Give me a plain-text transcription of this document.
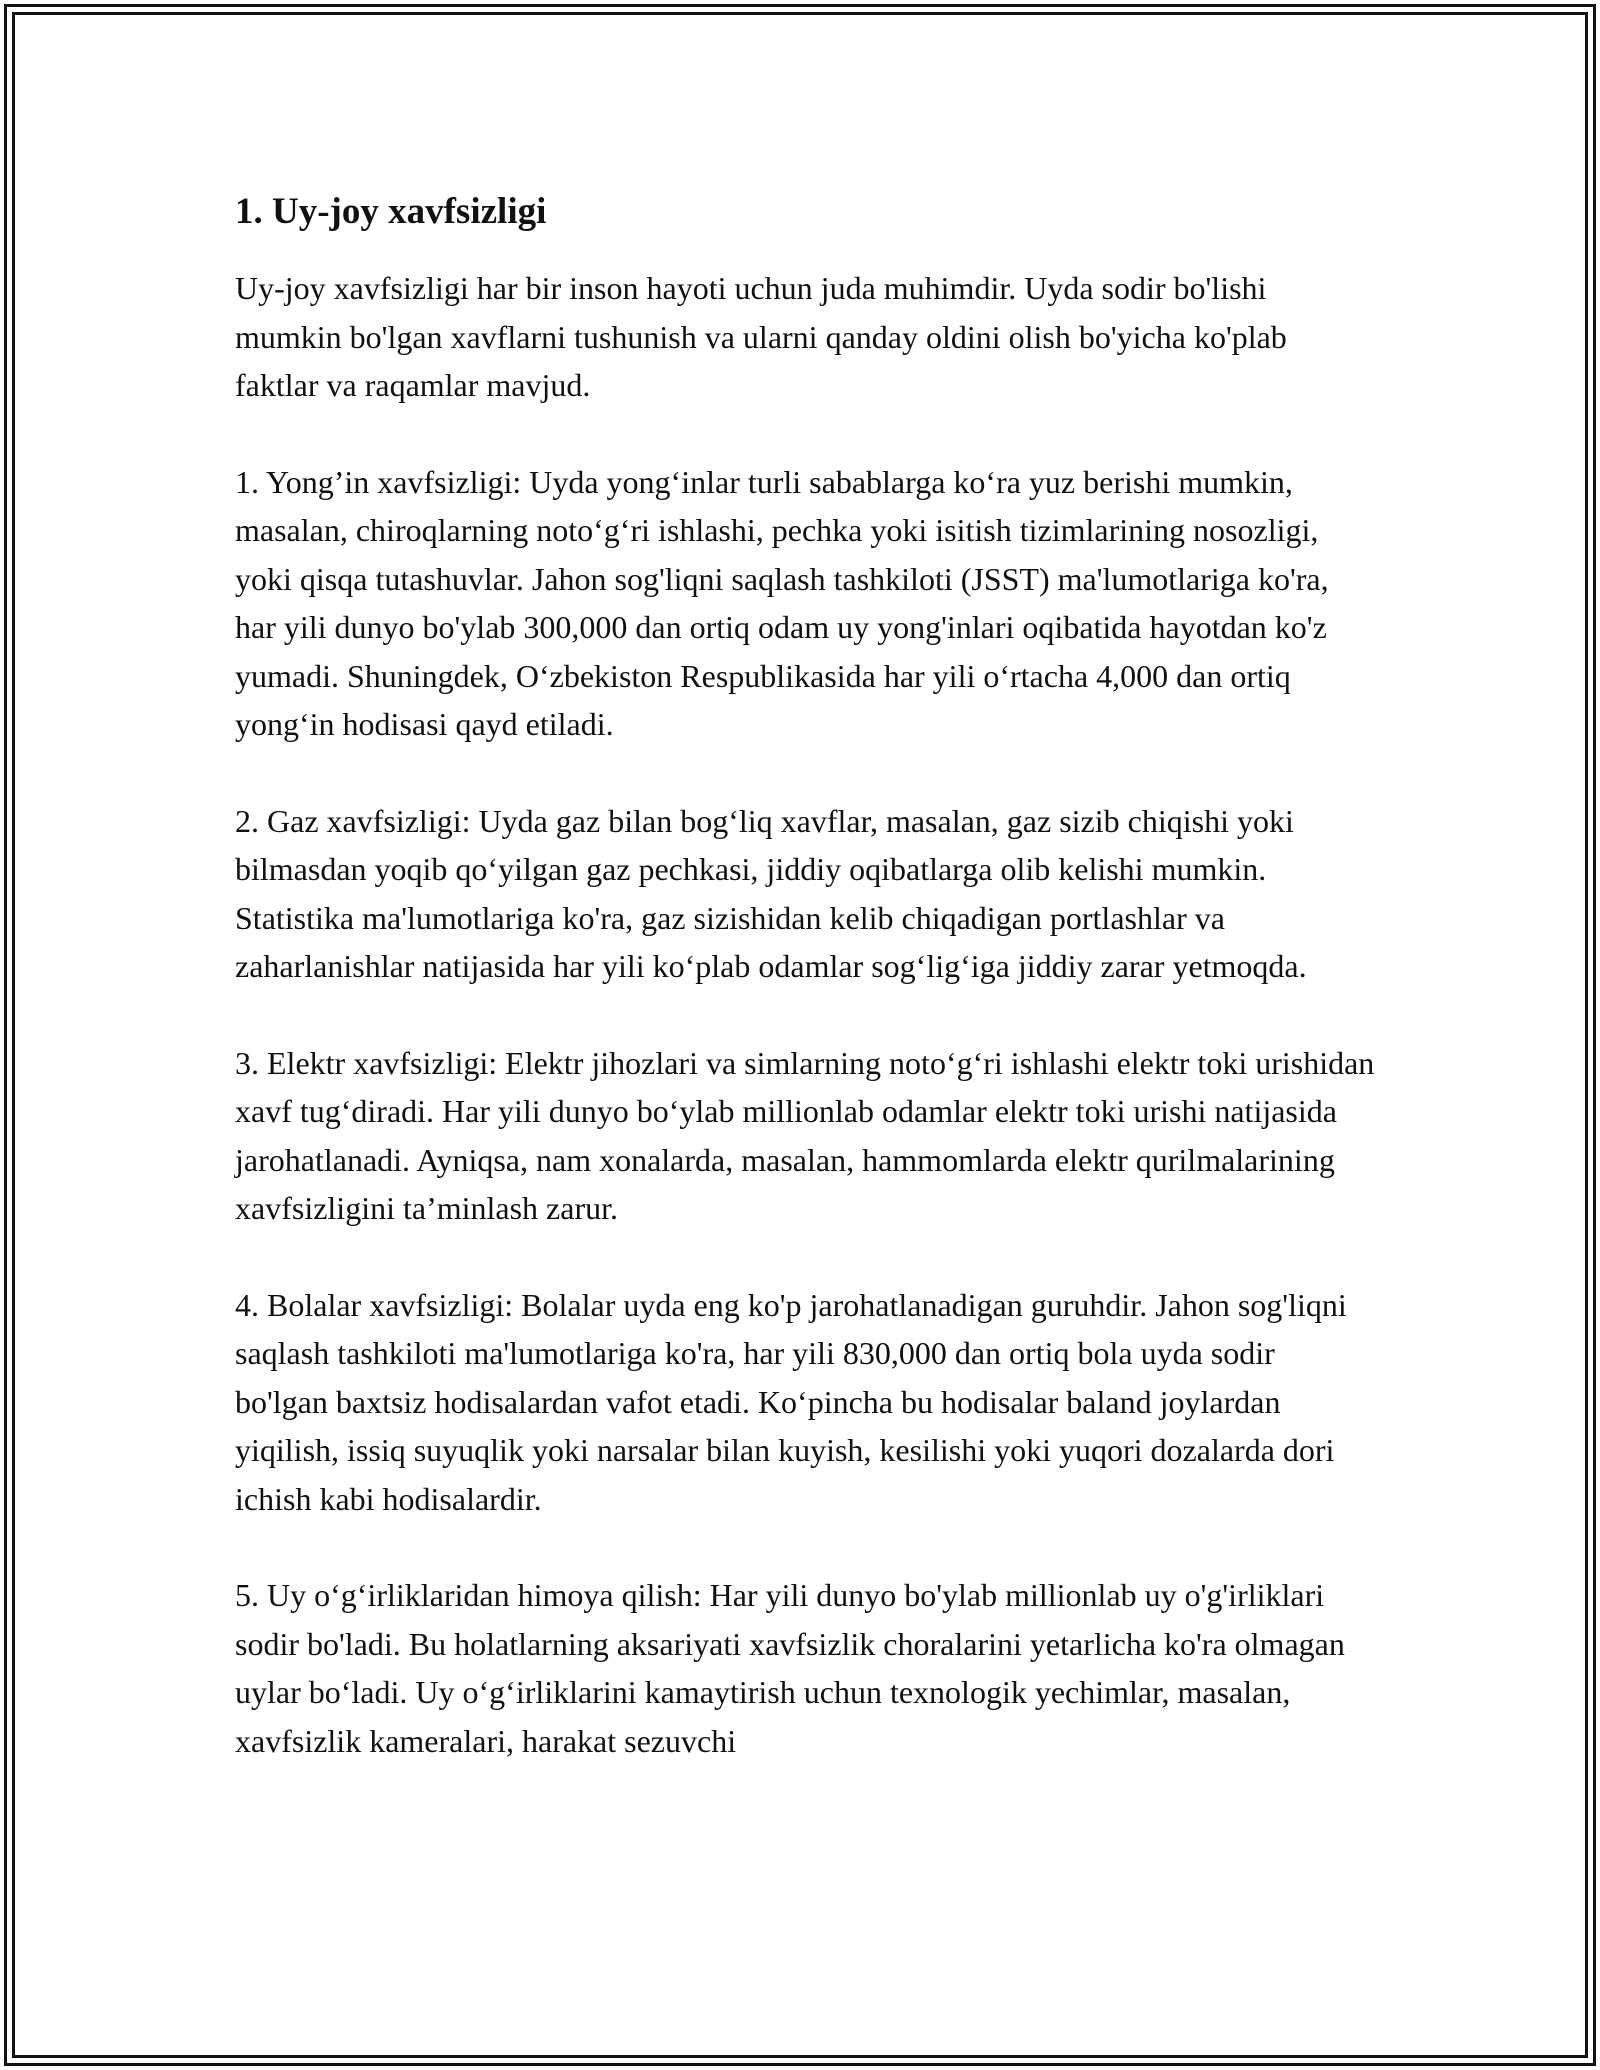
1. Uy-joy xavfsizligi

Uy-joy xavfsizligi har bir inson hayoti uchun juda muhimdir. Uyda sodir bo'lishi mumkin bo'lgan xavflarni tushunish va ularni qanday oldini olish bo'yicha ko'plab faktlar va raqamlar mavjud.

1. Yong’in xavfsizligi: Uyda yong‘inlar turli sabablarga ko‘ra yuz berishi mumkin, masalan, chiroqlarning noto‘g‘ri ishlashi, pechka yoki isitish tizimlarining nosozligi, yoki qisqa tutashuvlar. Jahon sog'liqni saqlash tashkiloti (JSST) ma'lumotlariga ko'ra, har yili dunyo bo'ylab 300,000 dan ortiq odam uy yong'inlari oqibatida hayotdan ko'z yumadi. Shuningdek, O‘zbekiston Respublikasida har yili o‘rtacha 4,000 dan ortiq yong‘in hodisasi qayd etiladi.

2. Gaz xavfsizligi: Uyda gaz bilan bog‘liq xavflar, masalan, gaz sizib chiqishi yoki bilmasdan yoqib qo‘yilgan gaz pechkasi, jiddiy oqibatlarga olib kelishi mumkin. Statistika ma'lumotlariga ko'ra, gaz sizishidan kelib chiqadigan portlashlar va zaharlanishlar natijasida har yili ko‘plab odamlar sog‘lig‘iga jiddiy zarar yetmoqda.

3. Elektr xavfsizligi: Elektr jihozlari va simlarning noto‘g‘ri ishlashi elektr toki urishidan xavf tug‘diradi. Har yili dunyo bo‘ylab millionlab odamlar elektr toki urishi natijasida jarohatlanadi. Ayniqsa, nam xonalarda, masalan, hammomlarda elektr qurilmalarining xavfsizligini ta’minlash zarur.

4. Bolalar xavfsizligi: Bolalar uyda eng ko'p jarohatlanadigan guruhdir. Jahon sog'liqni saqlash tashkiloti ma'lumotlariga ko'ra, har yili 830,000 dan ortiq bola uyda sodir bo'lgan baxtsiz hodisalardan vafot etadi. Ko‘pincha bu hodisalar baland joylardan yiqilish, issiq suyuqlik yoki narsalar bilan kuyish, kesilishi yoki yuqori dozalarda dori ichish kabi hodisalardir.

5. Uy o‘g‘irliklaridan himoya qilish: Har yili dunyo bo'ylab millionlab uy o'g'irliklari sodir bo'ladi. Bu holatlarning aksariyati xavfsizlik choralarini yetarlicha ko'ra olmagan uylar bo‘ladi. Uy o‘g‘irliklarini kamaytirish uchun texnologik yechimlar, masalan, xavfsizlik kameralari, harakat sezuvchi
